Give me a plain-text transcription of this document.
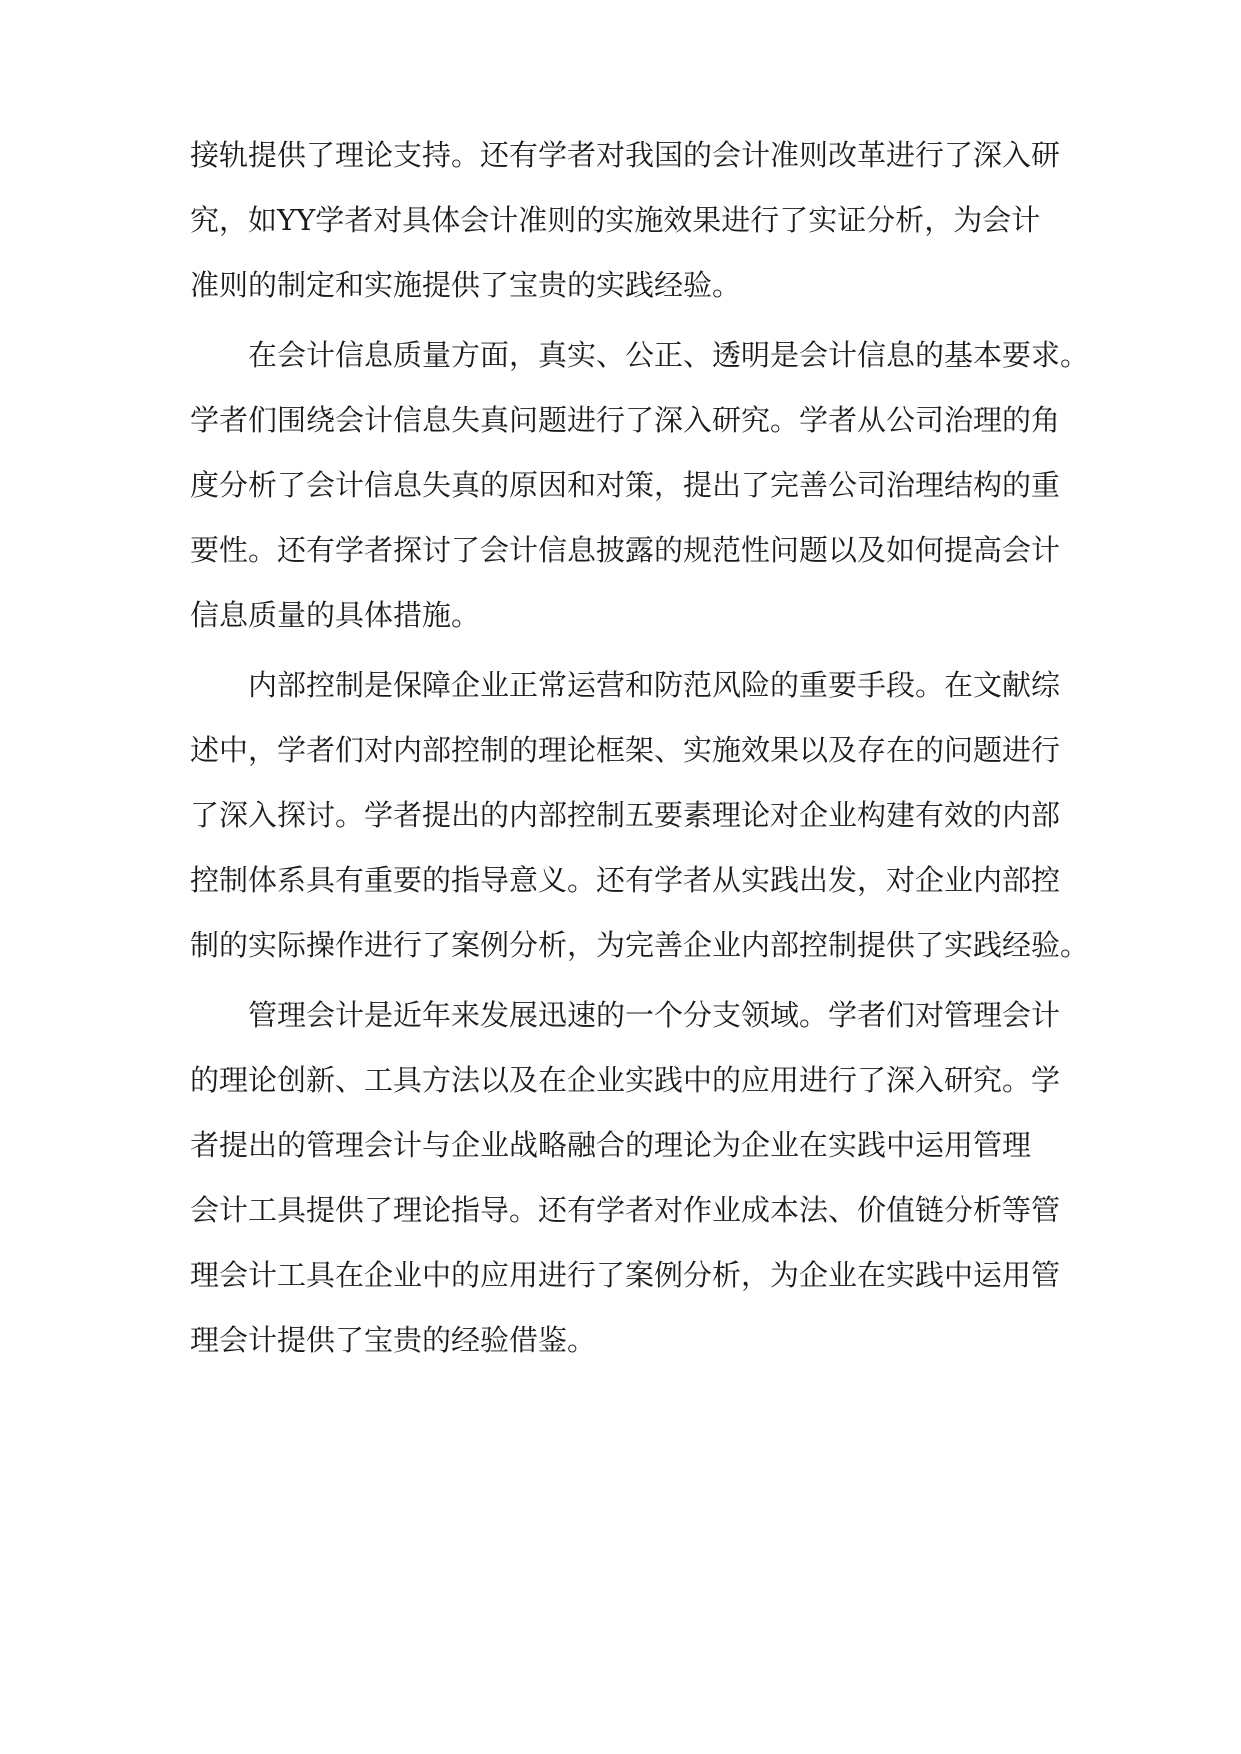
接轨提供了理论支持。还有学者对我国的会计准则改革进行了深入研
究，如YY学者对具体会计准则的实施效果进行了实证分析，为会计
准则的制定和实施提供了宝贵的实践经验。
在会计信息质量方面，真实、公正、透明是会计信息的基本要求。
学者们围绕会计信息失真问题进行了深入研究。学者从公司治理的角
度分析了会计信息失真的原因和对策，提出了完善公司治理结构的重
要性。还有学者探讨了会计信息披露的规范性问题以及如何提高会计
信息质量的具体措施。
内部控制是保障企业正常运营和防范风险的重要手段。在文献综
述中，学者们对内部控制的理论框架、实施效果以及存在的问题进行
了深入探讨。学者提出的内部控制五要素理论对企业构建有效的内部
控制体系具有重要的指导意义。还有学者从实践出发，对企业内部控
制的实际操作进行了案例分析，为完善企业内部控制提供了实践经验。
管理会计是近年来发展迅速的一个分支领域。学者们对管理会计
的理论创新、工具方法以及在企业实践中的应用进行了深入研究。学
者提出的管理会计与企业战略融合的理论为企业在实践中运用管理
会计工具提供了理论指导。还有学者对作业成本法、价值链分析等管
理会计工具在企业中的应用进行了案例分析，为企业在实践中运用管
理会计提供了宝贵的经验借鉴。
